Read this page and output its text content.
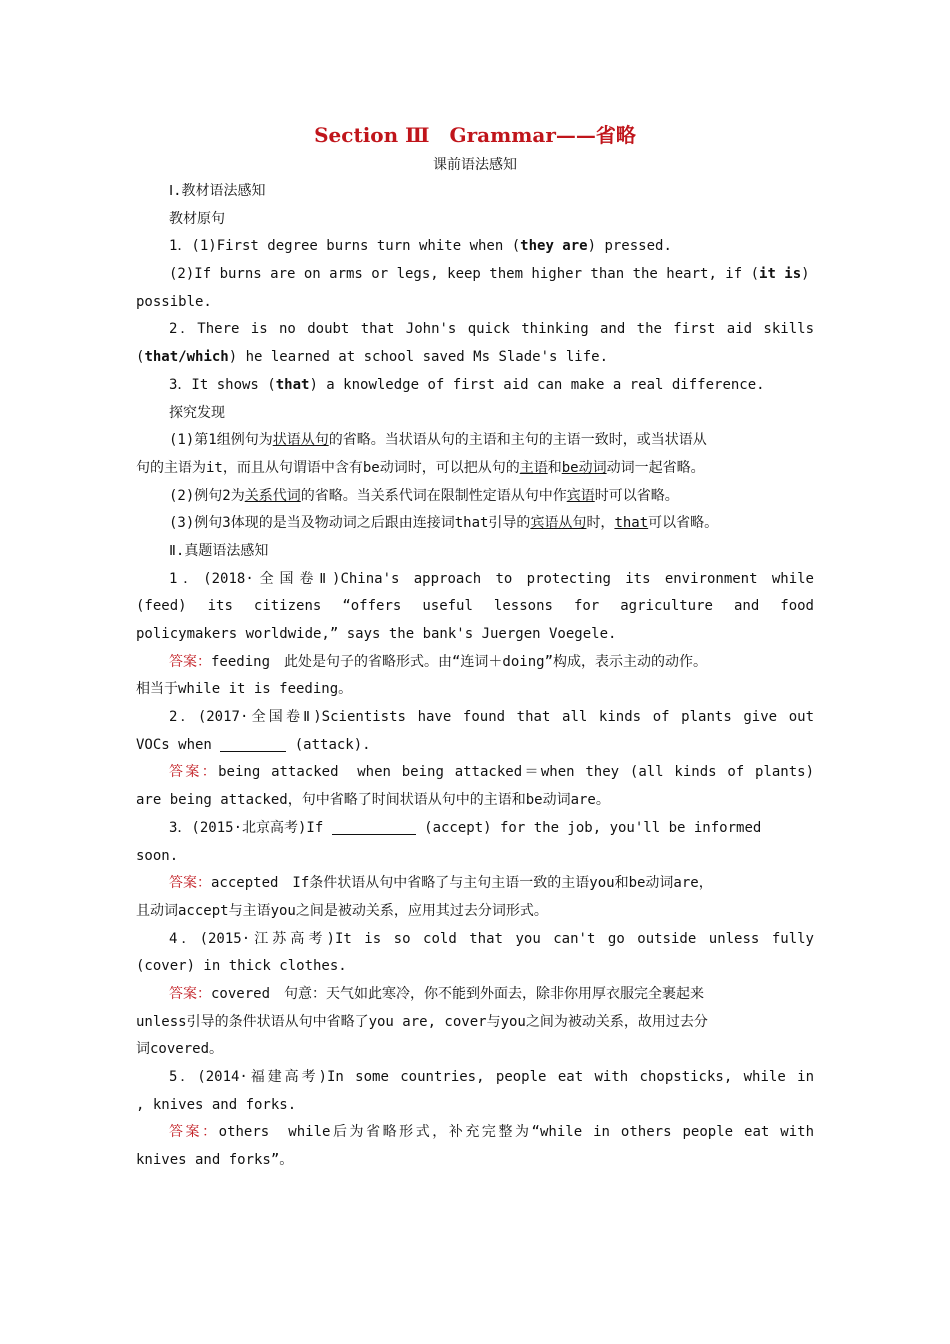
Section Ⅲ　Grammar——省略
课前语法感知
Ⅰ.教材语法感知
教材原句
1．(1)First degree burns turn white when (they are) pressed.
(2)If burns are on arms or legs, keep them higher than the heart, if (it is)
possible.
2．There is no doubt that John's quick thinking and the first aid skills
(that/which) he learned at school saved Ms Slade's life.
3．It shows (that) a knowledge of first aid can make a real difference.
探究发现
(1)第1组例句为状语从句的省略。当状语从句的主语和主句的主语一致时，或当状语从
句的主语为it，而且从句谓语中含有be动词时，可以把从句的主语和be动词动词一起省略。
(2)例句2为关系代词的省略。当关系代词在限制性定语从句中作宾语时可以省略。
(3)例句3体现的是当及物动词之后跟由连接词that引导的宾语从句时，that可以省略。
Ⅱ.真题语法感知
1．(2018·全国卷Ⅱ)China's approach to protecting its environment while
(feed) its citizens “offers useful lessons for agriculture and food
policymakers worldwide,” says the bank's Juergen Voegele.
答案：feeding　此处是句子的省略形式。由“连词＋doing”构成，表示主动的动作。
相当于while it is feeding。
2．(2017·全国卷Ⅱ)Scientists have found that all kinds of plants give out
VOCs when	(attack).
答案：being attacked　when being attacked＝when they (all kinds of plants)
are being attacked，句中省略了时间状语从句中的主语和be动词are。
3．(2015·北京高考)If	(accept) for the job, you'll be informed
soon.
答案：accepted　If条件状语从句中省略了与主句主语一致的主语you和be动词are，
且动词accept与主语you之间是被动关系，应用其过去分词形式。
4．(2015·江苏高考)It is so cold that you can't go outside unless fully
(cover) in thick clothes.
答案：covered　句意：天气如此寒冷，你不能到外面去，除非你用厚衣服完全裹起来
unless引导的条件状语从句中省略了you are, cover与you之间为被动关系，故用过去分
词covered。
5．(2014·福建高考)In some countries, people eat with chopsticks, while in
, knives and forks.
答案：others　while后为省略形式，补充完整为“while in others people eat with
knives and forks”。
